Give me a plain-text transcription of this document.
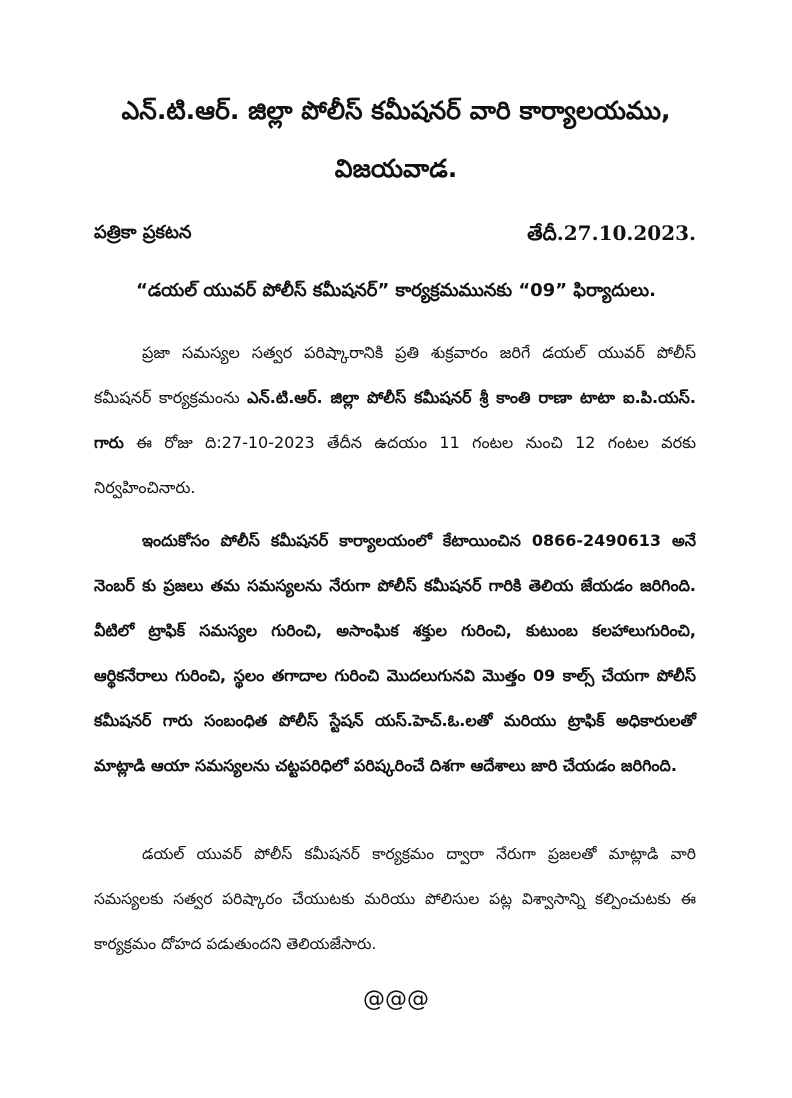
ఎన్.టి.ఆర్. జిల్లా పోలీస్ కమీషనర్ వారి కార్యాలయము,
విజయవాడ.
పత్రికా ప్రకటన	తేదీ.27.10.2023.
“డయల్ యువర్ పోలీస్ కమీషనర్” కార్యక్రమమునకు “09” ఫిర్యాదులు.

ప్రజా సమస్యల సత్వర పరిష్కారానికి ప్రతి శుక్రవారం జరిగే డయల్ యువర్ పోలీస్ కమీషనర్ కార్యక్రమంను ఎన్.టి.ఆర్. జిల్లా పోలీస్ కమీషనర్ శ్రీ కాంతి రాణా టాటా ఐ.పి.యస్. గారు ఈ రోజు ది:27-10-2023 తేదీన ఉదయం 11 గంటల నుంచి 12 గంటల వరకు నిర్వహించినారు.

ఇందుకోసం పోలీస్ కమీషనర్ కార్యాలయంలో కేటాయించిన 0866-2490613 అనే నెంబర్ కు ప్రజలు తమ సమస్యలను నేరుగా పోలీస్ కమీషనర్ గారికి తెలియ జేయడం జరిగింది. వీటిలో ట్రాఫిక్ సమస్యల గురించి, అసాంఘిక శక్తుల గురించి, కుటుంబ కలహాలుగురించి, ఆర్థికనేరాలు గురించి, స్థలం తగాదాల గురించి మొదలుగునవి మొత్తం 09 కాల్స్ చేయగా పోలీస్ కమీషనర్ గారు సంబంధిత పోలీస్ స్టేషన్ యస్.హెచ్.ఓ.లతో మరియు ట్రాఫిక్ అధికారులతో మాట్లాడి ఆయా సమస్యలను చట్టపరిధిలో పరిష్కరించే దిశగా ఆదేశాలు జారి చేయడం జరిగింది.

డయల్ యువర్ పోలీస్ కమీషనర్ కార్యక్రమం ద్వారా నేరుగా ప్రజలతో మాట్లాడి వారి సమస్యలకు సత్వర పరిష్కారం చేయుటకు మరియు పోలిసుల పట్ల విశ్వాసాన్ని కల్పించుటకు ఈ కార్యక్రమం దోహద పడుతుందని తెలియజేసారు.

@@@
